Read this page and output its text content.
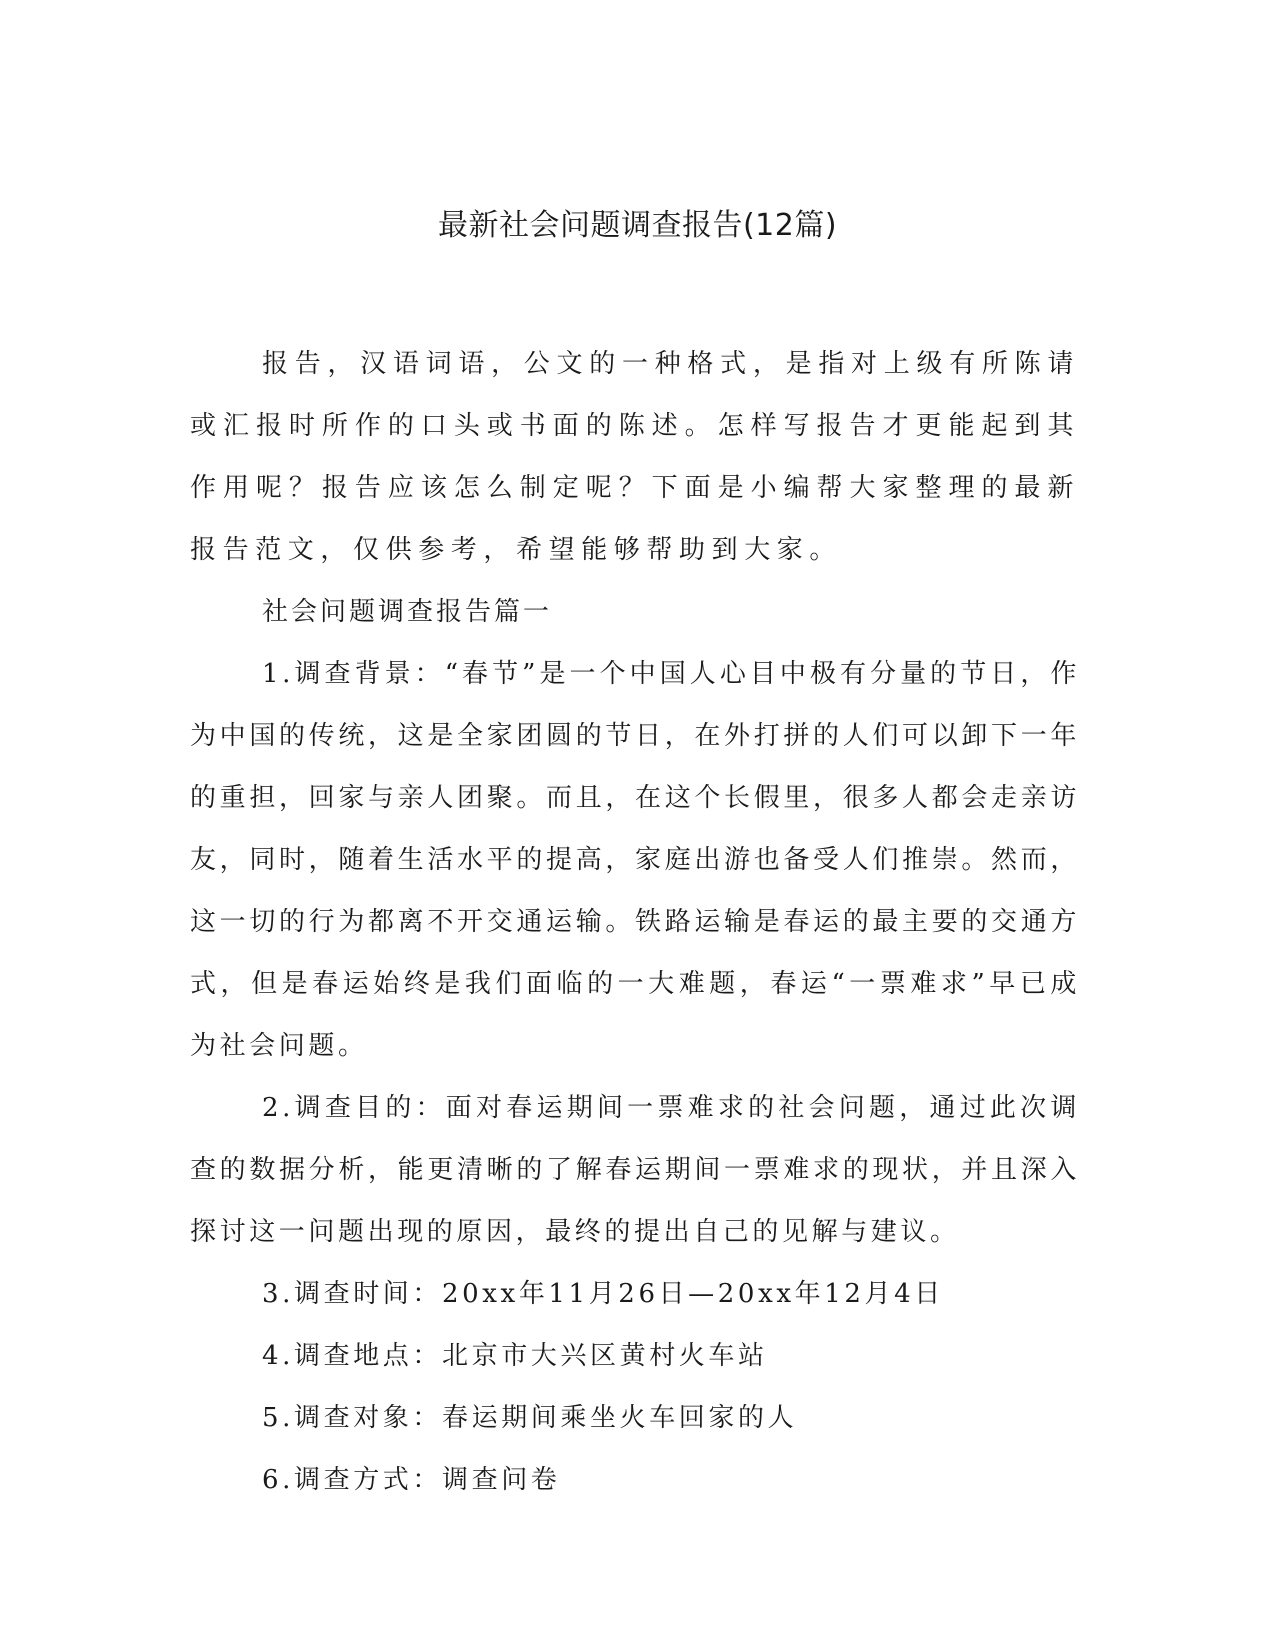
最新社会问题调查报告(12篇)

报告，汉语词语，公文的一种格式，是指对上级有所陈请或汇报时所作的口头或书面的陈述。怎样写报告才更能起到其作用呢？报告应该怎么制定呢？下面是小编帮大家整理的最新报告范文，仅供参考，希望能够帮助到大家。

社会问题调查报告篇一

1.调查背景：“春节”是一个中国人心目中极有分量的节日，作为中国的传统，这是全家团圆的节日，在外打拼的人们可以卸下一年的重担，回家与亲人团聚。而且，在这个长假里，很多人都会走亲访友，同时，随着生活水平的提高，家庭出游也备受人们推崇。然而，这一切的行为都离不开交通运输。铁路运输是春运的最主要的交通方式，但是春运始终是我们面临的一大难题，春运“一票难求”早已成为社会问题。

2.调查目的：面对春运期间一票难求的社会问题，通过此次调查的数据分析，能更清晰的了解春运期间一票难求的现状，并且深入探讨这一问题出现的原因，最终的提出自己的见解与建议。

3.调查时间：20xx年11月26日—20xx年12月4日

4.调查地点：北京市大兴区黄村火车站

5.调查对象：春运期间乘坐火车回家的人

6.调查方式：调查问卷
